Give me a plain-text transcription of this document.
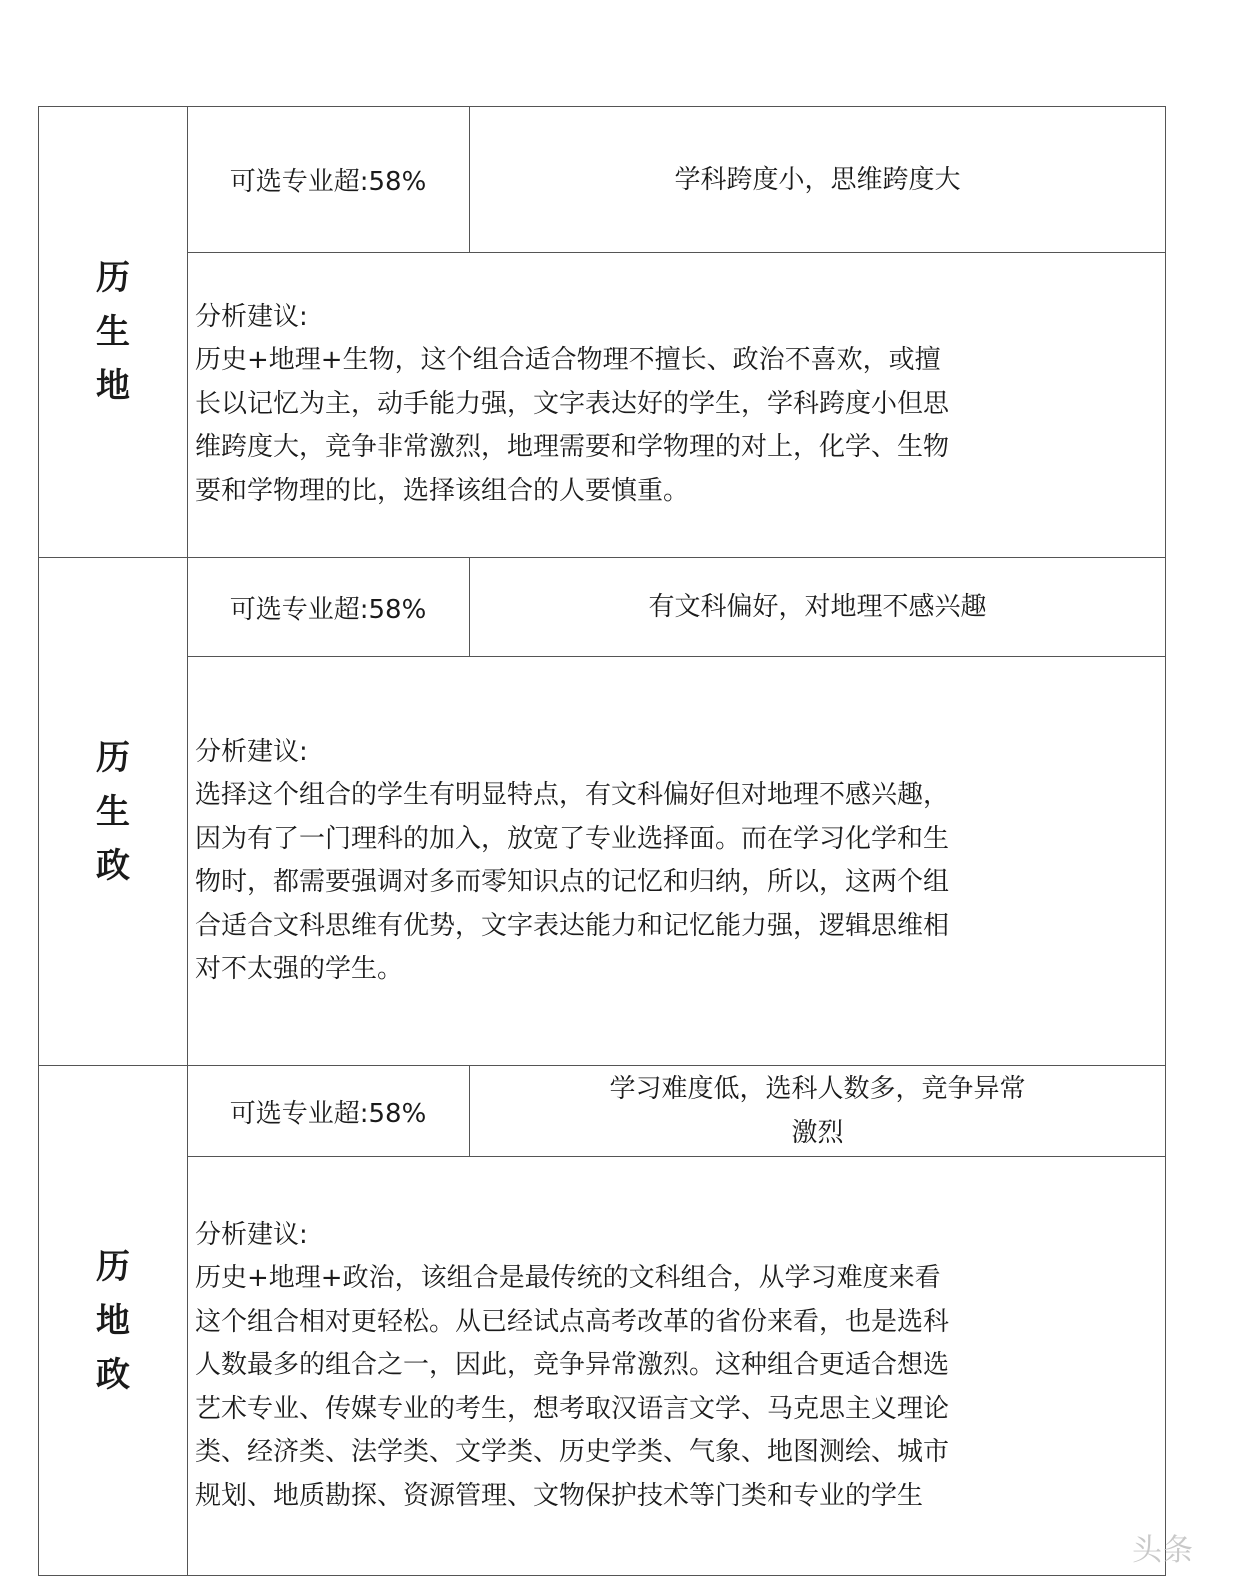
历生地
可选专业超:58%	学科跨度小，思维跨度大
分析建议:
历史+地理+生物，这个组合适合物理不擅长、政治不喜欢，或擅长以记忆为主，动手能力强，文字表达好的学生，学科跨度小但思维跨度大，竞争非常激烈，地理需要和学物理的对上，化学、生物要和学物理的比，选择该组合的人要慎重。
历生政
可选专业超:58%	有文科偏好，对地理不感兴趣
分析建议:
选择这个组合的学生有明显特点，有文科偏好但对地理不感兴趣，因为有了一门理科的加入，放宽了专业选择面。而在学习化学和生物时，都需要强调对多而零知识点的记忆和归纳，所以，这两个组合适合文科思维有优势，文字表达能力和记忆能力强，逻辑思维相对不太强的学生。
历地政
可选专业超:58%
学习难度低，选科人数多，竞争异常激烈
分析建议:
历史+地理+政治，该组合是最传统的文科组合，从学习难度来看这个组合相对更轻松。从已经试点高考改革的省份来看，也是选科人数最多的组合之一，因此，竞争异常激烈。这种组合更适合想选艺术专业、传媒专业的考生，想考取汉语言文学、马克思主义理论类、经济类、法学类、文学类、历史学类、气象、地图测绘、城市规划、地质勘探、资源管理、文物保护技术等门类和专业的学生
头条
